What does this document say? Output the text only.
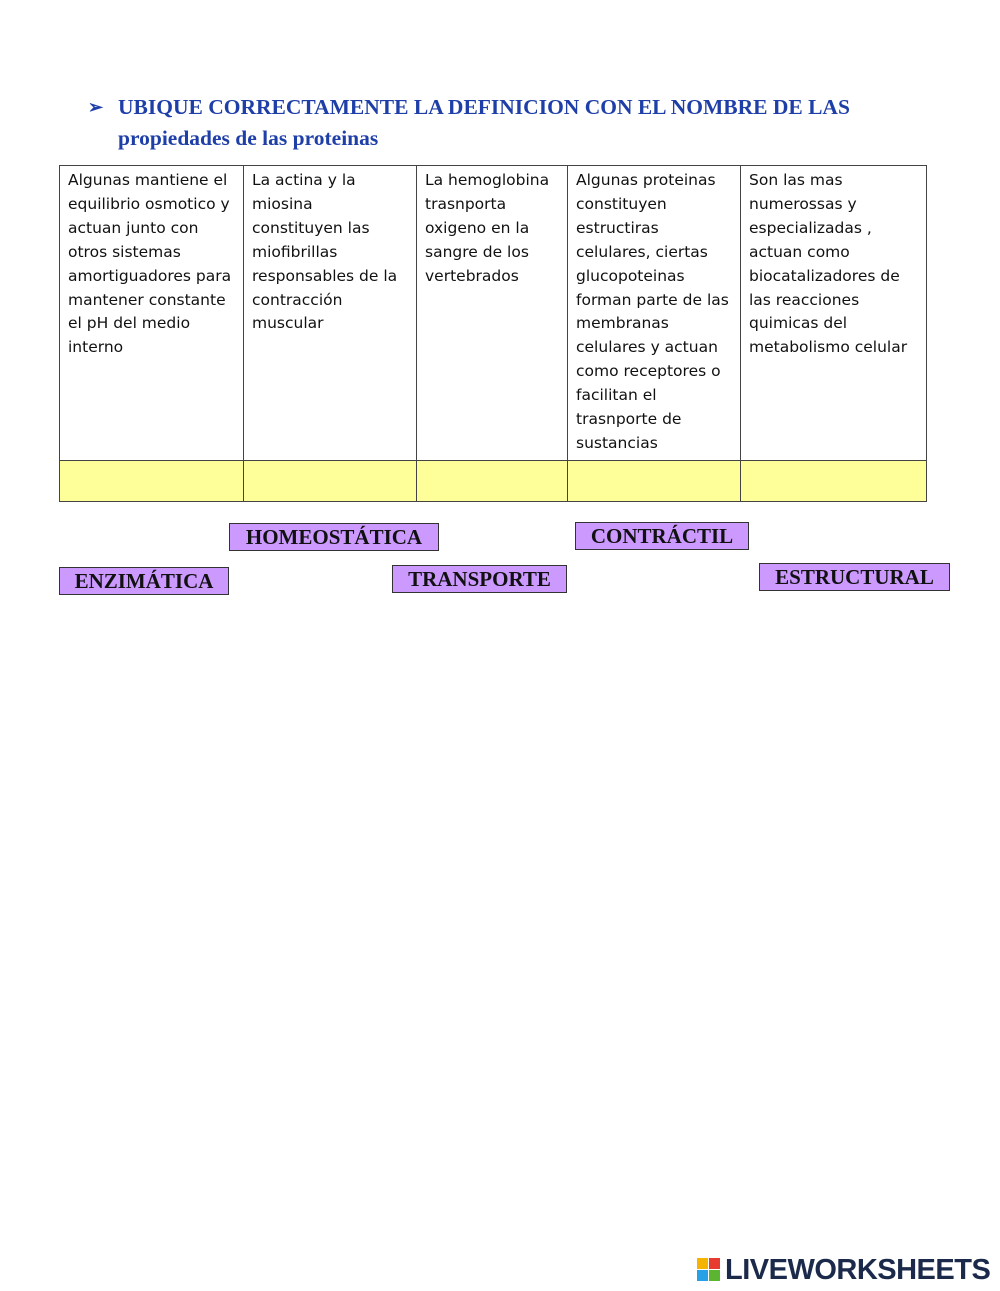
➢ UBIQUE CORRECTAMENTE LA DEFINICION CON EL NOMBRE DE LAS propiedades de las proteinas
Algunas mantiene el equilibrio osmotico y actuan junto con otros sistemas amortiguadores para mantener constante el pH del medio interno	La actina y la miosina constituyen las miofibrillas responsables de la contracción muscular	La hemoglobina trasnporta oxigeno en la sangre de los vertebrados	Algunas proteinas constituyen estructiras celulares, ciertas glucopoteinas forman parte de las membranas celulares y actuan como receptores o facilitan el trasnporte de sustancias	Son las mas numerossas y especializadas , actuan como biocatalizadores de las reacciones quimicas del metabolismo celular

HOMEOSTÁTICA	CONTRÁCTIL
ENZIMÁTICA	TRANSPORTE	ESTRUCTURAL
LIVEWORKSHEETS
